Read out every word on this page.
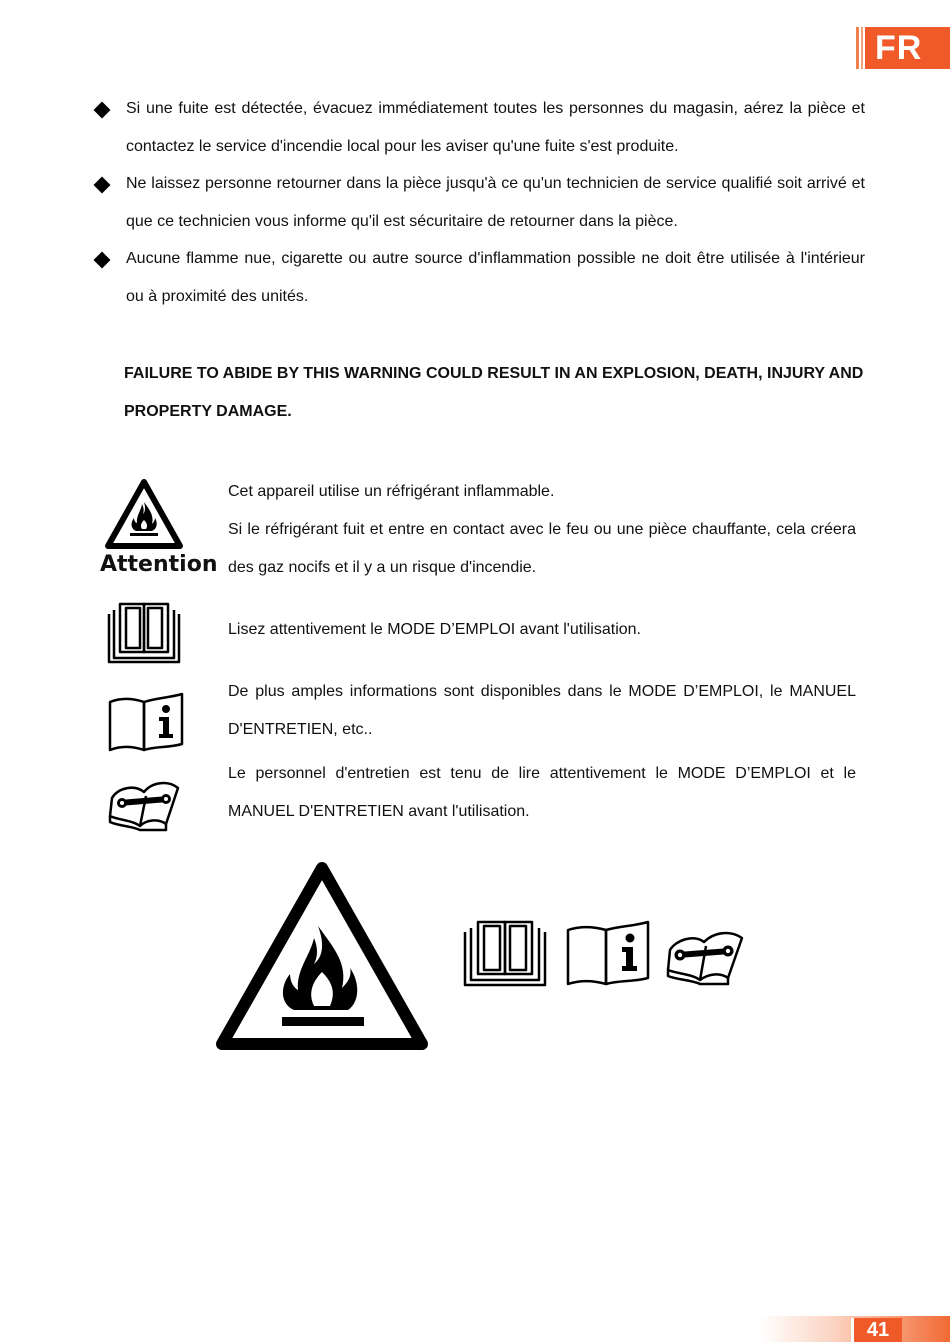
FR
Si une fuite est détectée, évacuez immédiatement toutes les personnes du magasin, aérez la pièce et contactez le service d'incendie local pour les aviser qu'une fuite s'est produite.
Ne laissez personne retourner dans la pièce jusqu'à ce qu'un technicien de service qualifié soit arrivé et que ce technicien vous informe qu'il est sécuritaire de retourner dans la pièce.
Aucune flamme nue, cigarette ou autre source d'inflammation possible ne doit être utilisée à l'intérieur ou à proximité des unités.
FAILURE TO ABIDE BY THIS WARNING COULD RESULT IN AN EXPLOSION, DEATH, INJURY AND PROPERTY DAMAGE.
Attention
Cet appareil utilise un réfrigérant inflammable.
Si le réfrigérant fuit et entre en contact avec le feu ou une pièce chauffante, cela créera des gaz nocifs et il y a un risque d'incendie.
Lisez attentivement le MODE D’EMPLOI avant l'utilisation.
De plus amples informations sont disponibles dans le MODE D’EMPLOI, le MANUEL D'ENTRETIEN, etc..
Le personnel d'entretien est tenu de lire attentivement le MODE D’EMPLOI et le MANUEL D'ENTRETIEN avant l'utilisation.
41
